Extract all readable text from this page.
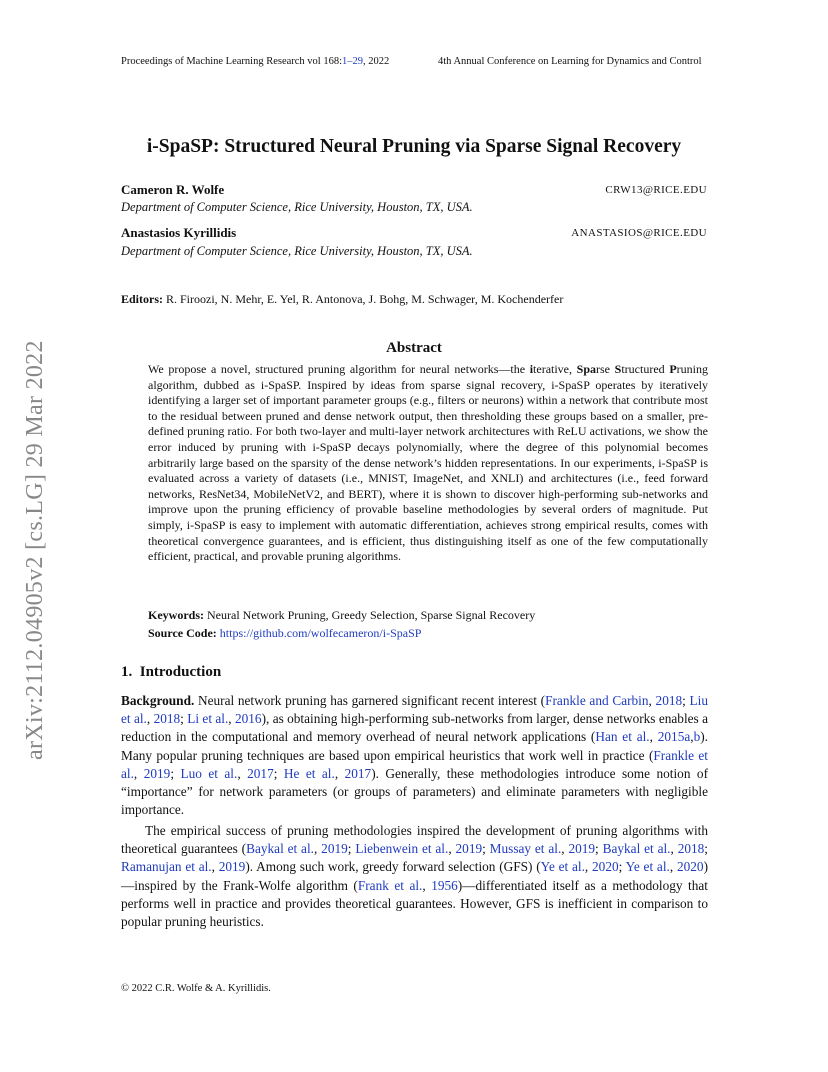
Proceedings of Machine Learning Research vol 168:1–29, 2022	4th Annual Conference on Learning for Dynamics and Control
arXiv:2112.04905v2 [cs.LG] 29 Mar 2022
i-SpaSP: Structured Neural Pruning via Sparse Signal Recovery
Cameron R. Wolfe	CRW13@RICE.EDU
Department of Computer Science, Rice University, Houston, TX, USA.
Anastasios Kyrillidis	ANASTASIOS@RICE.EDU
Department of Computer Science, Rice University, Houston, TX, USA.
Editors: R. Firoozi, N. Mehr, E. Yel, R. Antonova, J. Bohg, M. Schwager, M. Kochenderfer
Abstract
We propose a novel, structured pruning algorithm for neural networks—the iterative, Sparse Structured Pruning algorithm, dubbed as i-SpaSP. Inspired by ideas from sparse signal recovery, i-SpaSP operates by iteratively identifying a larger set of important parameter groups (e.g., filters or neurons) within a network that contribute most to the residual between pruned and dense network output, then thresholding these groups based on a smaller, pre-defined pruning ratio. For both two-layer and multi-layer network architectures with ReLU activations, we show the error induced by pruning with i-SpaSP decays polynomially, where the degree of this polynomial becomes arbitrarily large based on the sparsity of the dense network’s hidden representations. In our experiments, i-SpaSP is evaluated across a variety of datasets (i.e., MNIST, ImageNet, and XNLI) and architectures (i.e., feed forward networks, ResNet34, MobileNetV2, and BERT), where it is shown to discover high-performing sub-networks and improve upon the pruning efficiency of provable baseline methodologies by several orders of magnitude. Put simply, i-SpaSP is easy to implement with automatic differentiation, achieves strong empirical results, comes with theoretical convergence guarantees, and is efficient, thus distinguishing itself as one of the few computationally efficient, practical, and provable pruning algorithms.
Keywords: Neural Network Pruning, Greedy Selection, Sparse Signal Recovery
Source Code: https://github.com/wolfecameron/i-SpaSP
1. Introduction
Background. Neural network pruning has garnered significant recent interest (Frankle and Carbin, 2018; Liu et al., 2018; Li et al., 2016), as obtaining high-performing sub-networks from larger, dense networks enables a reduction in the computational and memory overhead of neural network applications (Han et al., 2015a,b). Many popular pruning techniques are based upon empirical heuristics that work well in practice (Frankle et al., 2019; Luo et al., 2017; He et al., 2017). Generally, these methodologies introduce some notion of “importance” for network parameters (or groups of parameters) and eliminate parameters with negligible importance.
The empirical success of pruning methodologies inspired the development of pruning algorithms with theoretical guarantees (Baykal et al., 2019; Liebenwein et al., 2019; Mussay et al., 2019; Baykal et al., 2018; Ramanujan et al., 2019). Among such work, greedy forward selection (GFS) (Ye et al., 2020; Ye et al., 2020)—inspired by the Frank-Wolfe algorithm (Frank et al., 1956)—differentiated itself as a methodology that performs well in practice and provides theoretical guarantees. However, GFS is inefficient in comparison to popular pruning heuristics.
© 2022 C.R. Wolfe & A. Kyrillidis.
